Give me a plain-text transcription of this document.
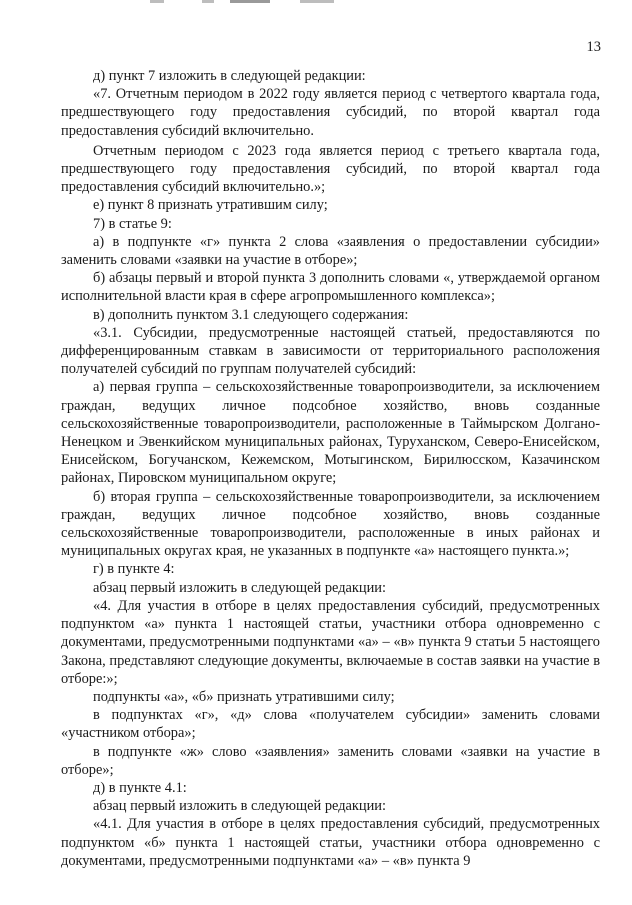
13

д) пункт 7 изложить в следующей редакции:

«7. Отчетным периодом в 2022 году является период с четвертого квартала года, предшествующего году предоставления субсидий, по второй квартал года предоставления субсидий включительно.

Отчетным периодом с 2023 года является период с третьего квартала года, предшествующего году предоставления субсидий, по второй квартал года предоставления субсидий включительно.»;

е) пункт 8 признать утратившим силу;

7) в статье 9:

а) в подпункте «г» пункта 2 слова «заявления о предоставлении субсидии» заменить словами «заявки на участие в отборе»;

б) абзацы первый и второй пункта 3 дополнить словами «, утверждаемой органом исполнительной власти края в сфере агропромышленного комплекса»;

в) дополнить пунктом 3.1 следующего содержания:

«3.1. Субсидии, предусмотренные настоящей статьей, предоставляются по дифференцированным ставкам в зависимости от территориального расположения получателей субсидий по группам получателей субсидий:

а) первая группа – сельскохозяйственные товаропроизводители, за исключением граждан, ведущих личное подсобное хозяйство, вновь созданные сельскохозяйственные товаропроизводители, расположенные в Таймырском Долгано-Ненецком и Эвенкийском муниципальных районах, Туруханском, Северо-Енисейском, Енисейском, Богучанском, Кежемском, Мотыгинском, Бирилюсском, Казачинском районах, Пировском муниципальном округе;

б) вторая группа – сельскохозяйственные товаропроизводители, за исключением граждан, ведущих личное подсобное хозяйство, вновь созданные сельскохозяйственные товаропроизводители, расположенные в иных районах и муниципальных округах края, не указанных в подпункте «а» настоящего пункта.»;

г) в пункте 4:

абзац первый изложить в следующей редакции:

«4. Для участия в отборе в целях предоставления субсидий, предусмотренных подпунктом «а» пункта 1 настоящей статьи, участники отбора одновременно с документами, предусмотренными подпунктами «а» – «в» пункта 9 статьи 5 настоящего Закона, представляют следующие документы, включаемые в состав заявки на участие в отборе:»;

подпункты «а», «б» признать утратившими силу;

в подпунктах «г», «д» слова «получателем субсидии» заменить словами «участником отбора»;

в подпункте «ж» слово «заявления» заменить словами «заявки на участие в отборе»;

д) в пункте 4.1:

абзац первый изложить в следующей редакции:

«4.1. Для участия в отборе в целях предоставления субсидий, предусмотренных подпунктом «б» пункта 1 настоящей статьи, участники отбора одновременно с документами, предусмотренными подпунктами «а» – «в» пункта 9
